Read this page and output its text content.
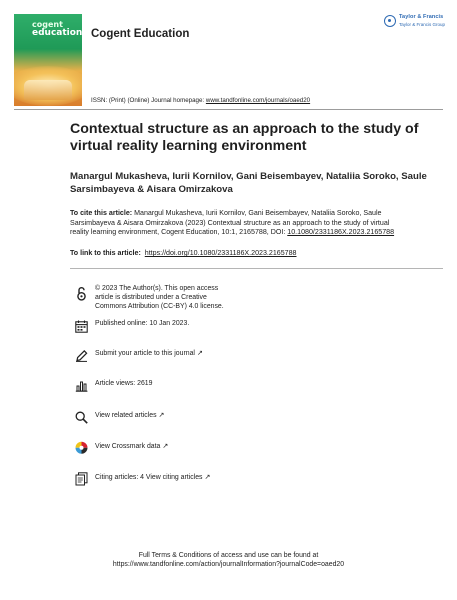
cogent
education Cogent Education
Taylor & Francis
Taylor & Francis Group
ISSN: (Print) (Online) Journal homepage: www.tandfonline.com/journals/oaed20
Contextual structure as an approach to the study of virtual reality learning environment
Manargul Mukasheva, Iurii Kornilov, Gani Beisembayev, Nataliia Soroko, Saule Sarsimbayeva & Aisara Omirzakova
To cite this article: Manargul Mukasheva, Iurii Kornilov, Gani Beisembayev, Nataliia Soroko, Saule Sarsimbayeva & Aisara Omirzakova (2023) Contextual structure as an approach to the study of virtual reality learning environment, Cogent Education, 10:1, 2165788, DOI: 10.1080/2331186X.2023.2165788
To link to this article: https://doi.org/10.1080/2331186X.2023.2165788
© 2023 The Author(s). This open access article is distributed under a Creative Commons Attribution (CC-BY) 4.0 license.
Published online: 10 Jan 2023.
Submit your article to this journal ↗
Article views: 2619
View related articles ↗
View Crossmark data ↗
Citing articles: 4 View citing articles ↗
Full Terms & Conditions of access and use can be found at
https://www.tandfonline.com/action/journalInformation?journalCode=oaed20
